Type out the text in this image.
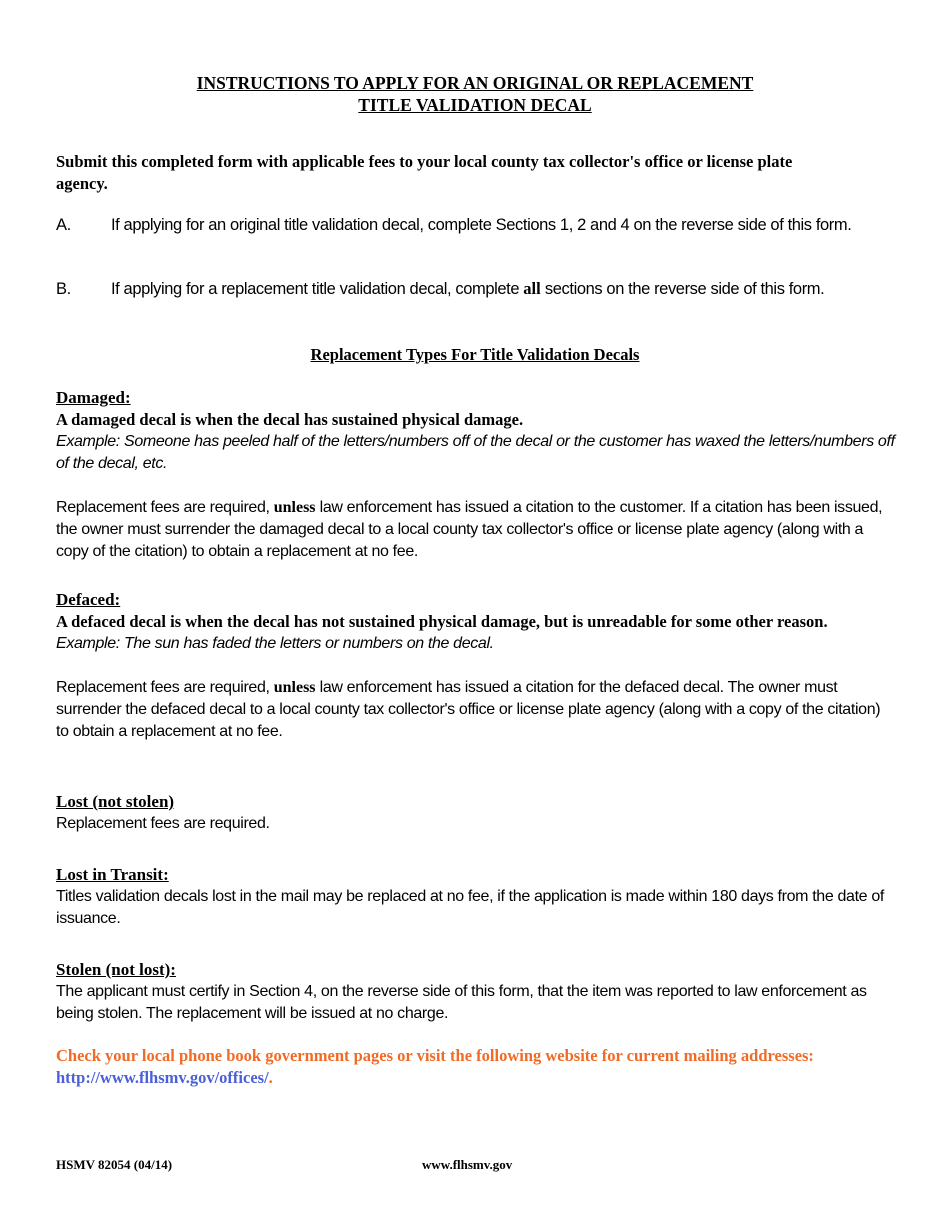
INSTRUCTIONS TO APPLY FOR AN ORIGINAL OR REPLACEMENT
TITLE VALIDATION DECAL
Submit this completed form with applicable fees to your local county tax collector's office or license plate agency.
A. If applying for an original title validation decal, complete Sections 1, 2 and 4 on the reverse side of this form.
B. If applying for a replacement title validation decal, complete all sections on the reverse side of this form.
Replacement Types For Title Validation Decals
Damaged:
A damaged decal is when the decal has sustained physical damage.
Example: Someone has peeled half of the letters/numbers off of the decal or the customer has waxed the letters/numbers off of the decal, etc.
Replacement fees are required, unless law enforcement has issued a citation to the customer. If a citation has been issued, the owner must surrender the damaged decal to a local county tax collector's office or license plate agency (along with a copy of the citation) to obtain a replacement at no fee.
Defaced:
A defaced decal is when the decal has not sustained physical damage, but is unreadable for some other reason.
Example: The sun has faded the letters or numbers on the decal.
Replacement fees are required, unless law enforcement has issued a citation for the defaced decal. The owner must surrender the defaced decal to a local county tax collector's office or license plate agency (along with a copy of the citation) to obtain a replacement at no fee.
Lost (not stolen)
Replacement fees are required.
Lost in Transit:
Titles validation decals lost in the mail may be replaced at no fee, if the application is made within 180 days from the date of issuance.
Stolen (not lost):
The applicant must certify in Section 4, on the reverse side of this form, that the item was reported to law enforcement as being stolen. The replacement will be issued at no charge.
Check your local phone book government pages or visit the following website for current mailing addresses: http://www.flhsmv.gov/offices/.
HSMV 82054 (04/14)	www.flhsmv.gov
